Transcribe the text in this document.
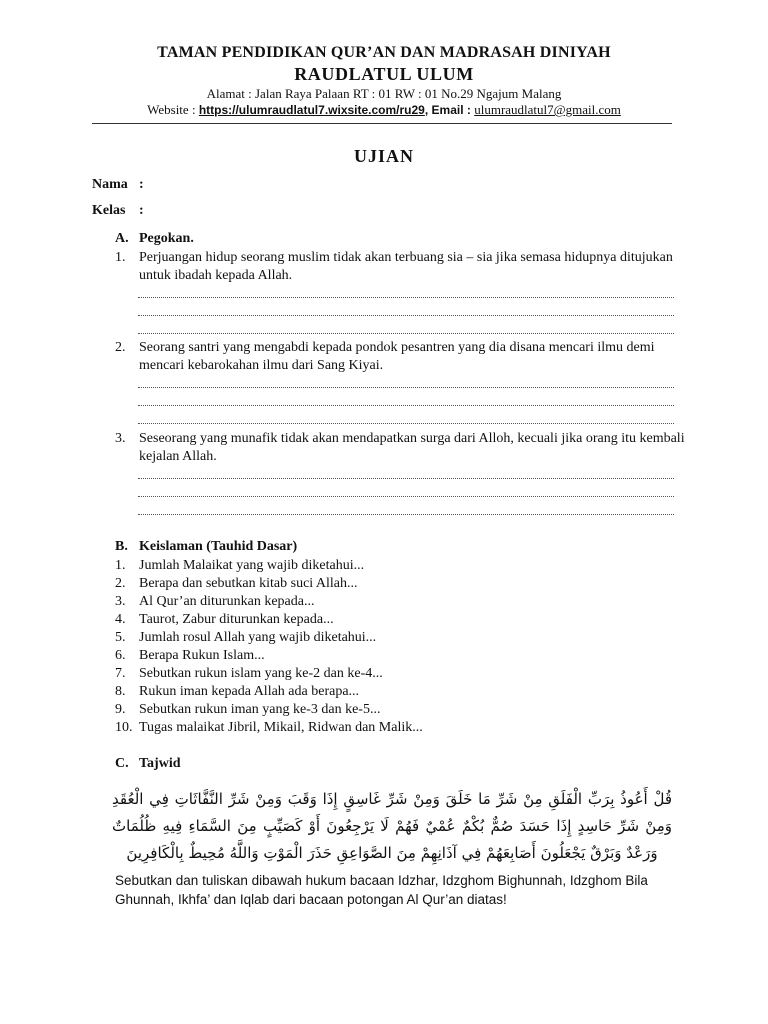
TAMAN PENDIDIKAN QUR’AN DAN MADRASAH DINIYAH
RAUDLATUL ULUM
Alamat : Jalan Raya Palaan RT : 01 RW : 01 No.29 Ngajum Malang
Website : https://ulumraudlatul7.wixsite.com/ru29, Email : ulumraudlatul7@gmail.com
UJIAN
Nama :
Kelas :
A. Pegokan.
1. Perjuangan hidup seorang muslim tidak akan terbuang sia – sia jika semasa hidupnya ditujukan untuk ibadah kepada Allah.
2. Seorang santri yang mengabdi kepada pondok pesantren yang dia disana mencari ilmu demi mencari kebarokahan ilmu dari Sang Kiyai.
3. Seseorang yang munafik tidak akan mendapatkan surga dari Alloh, kecuali jika orang itu kembali kejalan Allah.
B. Keislaman (Tauhid Dasar)
1. Jumlah Malaikat yang wajib diketahui...
2. Berapa dan sebutkan kitab suci Allah...
3. Al Qur’an diturunkan kepada...
4. Taurot, Zabur diturunkan kepada...
5. Jumlah rosul Allah yang wajib diketahui...
6. Berapa Rukun Islam...
7. Sebutkan rukun islam yang ke-2 dan ke-4...
8. Rukun iman kepada Allah ada berapa...
9. Sebutkan rukun iman yang ke-3 dan ke-5...
10. Tugas malaikat Jibril, Mikail, Ridwan dan Malik...
C. Tajwid
قُلْ أَعُوذُ بِرَبِّ الْفَلَقِ مِنْ شَرِّ مَا خَلَقَ وَمِنْ شَرِّ غَاسِقٍ إِذَا وَقَبَ وَمِنْ شَرِّ النَّفَّاثَاتِ فِي الْعُقَدِ وَمِنْ شَرِّ حَاسِدٍ إِذَا حَسَدَ صُمٌّ بُكْمٌ عُمْيٌ فَهُمْ لَا يَرْجِعُونَ أَوْ كَصَيِّبٍ مِنَ السَّمَاءِ فِيهِ ظُلُمَاتٌ وَرَعْدٌ وَبَرْقٌ يَجْعَلُونَ أَصَابِعَهُمْ فِي آذَانِهِمْ مِنَ الصَّوَاعِقِ حَذَرَ الْمَوْتِ وَاللَّهُ مُحِيطٌ بِالْكَافِرِينَ
Sebutkan dan tuliskan dibawah hukum bacaan Idzhar, Idzghom Bighunnah, Idzghom Bila Ghunnah, Ikhfa’ dan Iqlab dari bacaan potongan Al Qur’an diatas!
